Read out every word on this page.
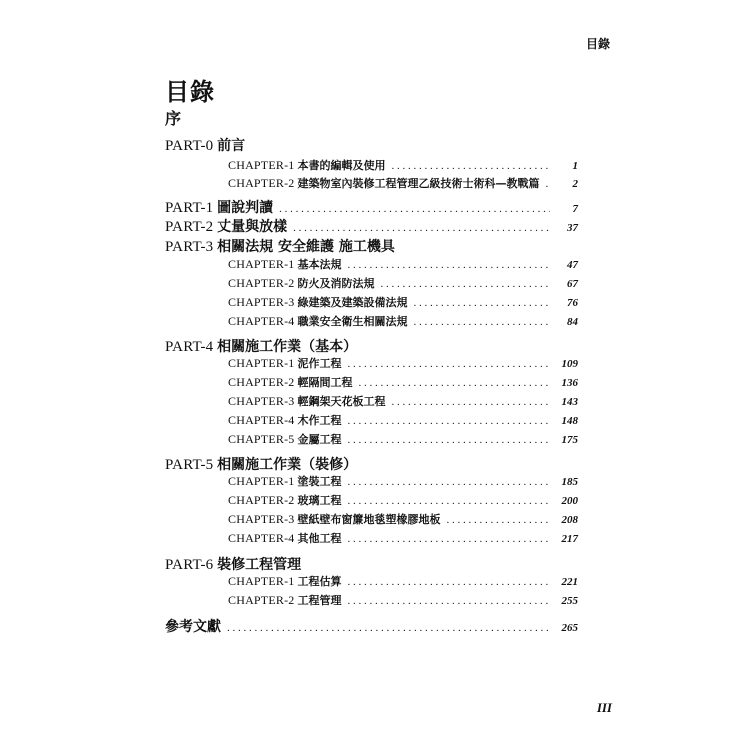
目錄
目錄
序
PART-0 前言
CHAPTER-1 本書的編輯及使用 . . .	1
CHAPTER-2 建築物室內裝修工程管理乙級技術士術科—教戰篇 . . .	2
PART-1 圖說判讀 . . .	7
PART-2 丈量與放樣 . . .	37
PART-3 相關法規 安全維護 施工機具
CHAPTER-1 基本法規 . . .	47
CHAPTER-2 防火及消防法規 . . .	67
CHAPTER-3 綠建築及建築設備法規 . . .	76
CHAPTER-4 職業安全衛生相關法規 . . .	84
PART-4 相關施工作業（基本）
CHAPTER-1 泥作工程 . . .	109
CHAPTER-2 輕隔間工程 . . .	136
CHAPTER-3 輕鋼架天花板工程 . . .	143
CHAPTER-4 木作工程 . . .	148
CHAPTER-5 金屬工程 . . .	175
PART-5 相關施工作業（裝修）
CHAPTER-1 塗裝工程 . . .	185
CHAPTER-2 玻璃工程 . . .	200
CHAPTER-3 壁紙壁布窗簾地毯塑橡膠地板 . . .	208
CHAPTER-4 其他工程 . . .	217
PART-6 裝修工程管理
CHAPTER-1 工程估算 . . .	221
CHAPTER-2 工程管理 . . .	255
參考文獻 . . .	265
III
